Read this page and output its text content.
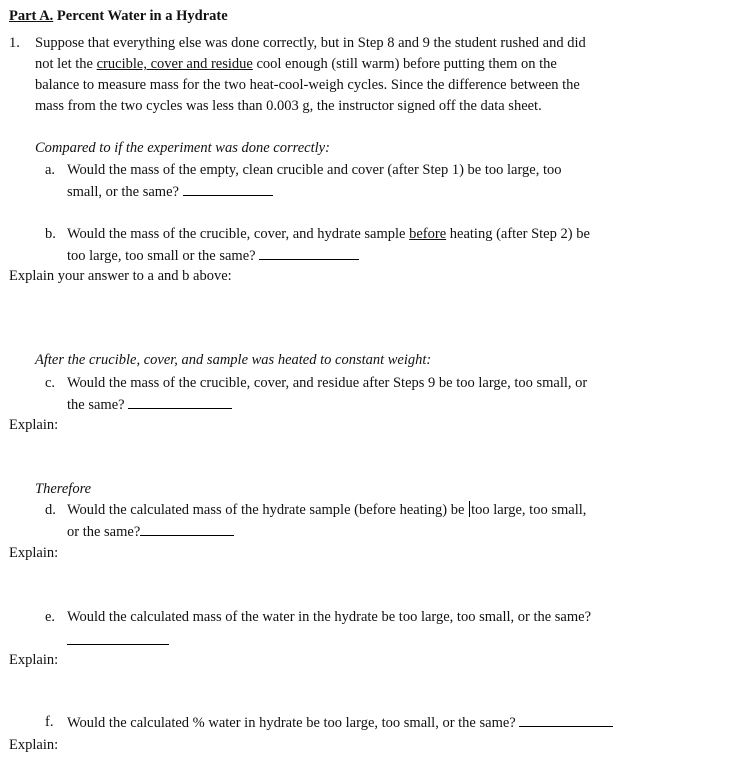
Part A. Percent Water in a Hydrate
1. Suppose that everything else was done correctly, but in Step 8 and 9 the student rushed and did
not let the crucible, cover and residue cool enough (still warm) before putting them on the
balance to measure mass for the two heat-cool-weigh cycles. Since the difference between the
mass from the two cycles was less than 0.003 g, the instructor signed off the data sheet.
Compared to if the experiment was done correctly:
a. Would the mass of the empty, clean crucible and cover (after Step 1) be too large, too
small, or the same?
b. Would the mass of the crucible, cover, and hydrate sample before heating (after Step 2) be
too large, too small or the same?
Explain your answer to a and b above:
After the crucible, cover, and sample was heated to constant weight:
c. Would the mass of the crucible, cover, and residue after Steps 9 be too large, too small, or
the same?
Explain:
Therefore
d. Would the calculated mass of the hydrate sample (before heating) be too large, too small,
or the same?
Explain:
e. Would the calculated mass of the water in the hydrate be too large, too small, or the same?
Explain:
f. Would the calculated % water in hydrate be too large, too small, or the same?
Explain:
